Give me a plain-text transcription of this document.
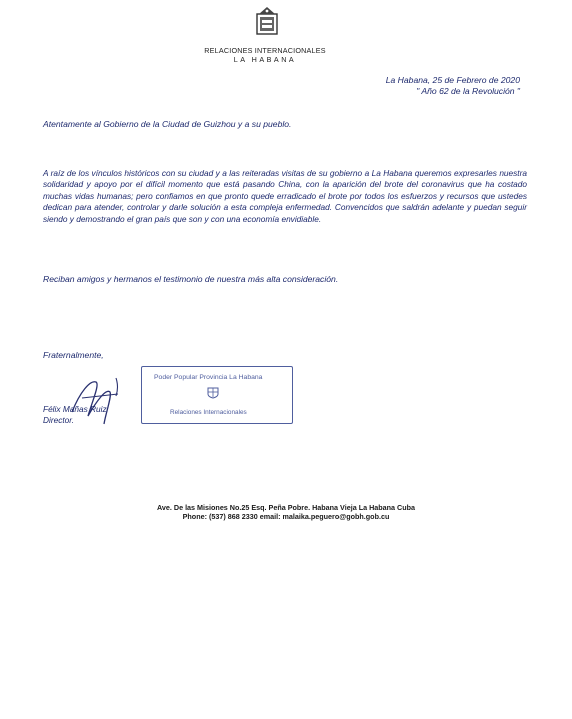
RELACIONES INTERNACIONALES
LA HABANA
La Habana, 25 de Febrero de 2020
" Año 62 de la Revolución "
Atentamente al Gobierno de la Ciudad de Guizhou y a su pueblo.
A raíz de los vínculos históricos con su ciudad y a las reiteradas visitas de su gobierno a La Habana queremos expresarles nuestra solidaridad y apoyo por el difícil momento que está pasando China, con la aparición del brote del coronavirus que ha costado muchas vidas humanas; pero confiamos en que pronto quede erradicado el brote por todos los esfuerzos y recursos que ustedes dedican para atender, controlar y darle solución a esta compleja enfermedad. Convencidos que saldrán adelante y puedan seguir siendo y demostrando el gran país que son y con una economía envidiable.
Reciban amigos y hermanos el testimonio de nuestra más alta consideración.
Fraternalmente,
Félix Mañas Ruiz
Director.
Poder Popular Provincia La Habana
Relaciones Internacionales
Ave. De las Misiones No.25 Esq. Peña Pobre. Habana Vieja La Habana Cuba
Phone: (537) 868 2330 email: malaika.peguero@gobh.gob.cu
